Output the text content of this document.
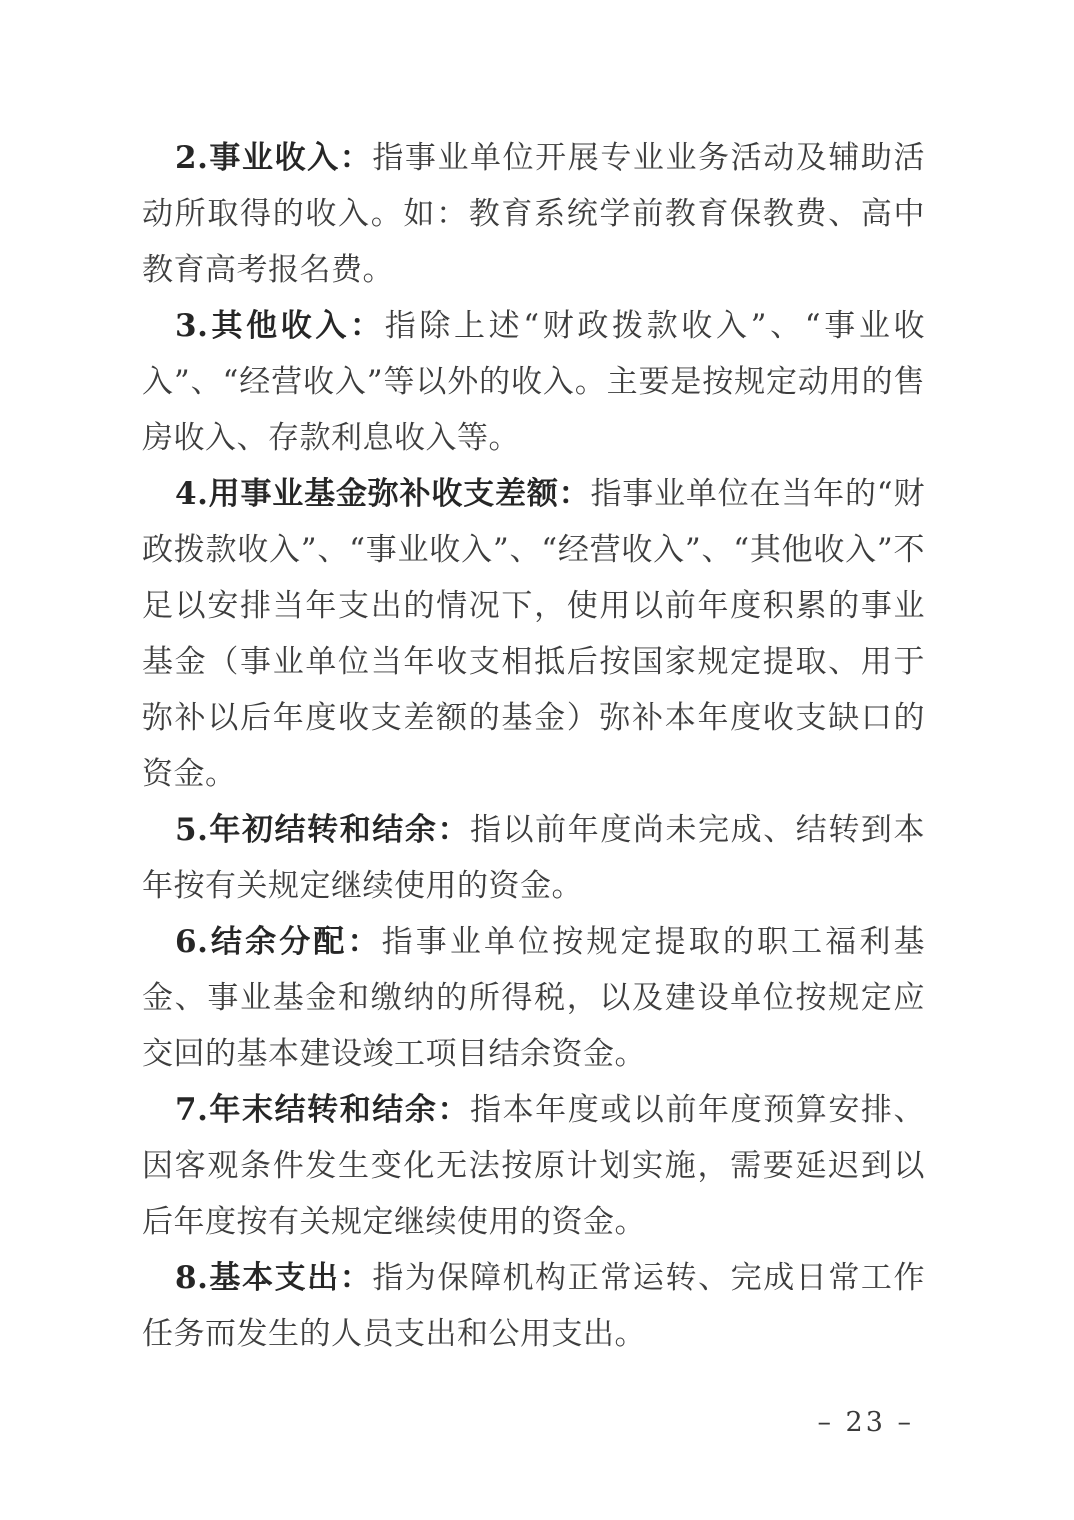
2.事业收入：指事业单位开展专业业务活动及辅助活动所取得的收入。如：教育系统学前教育保教费、高中教育高考报名费。

3.其他收入：指除上述“财政拨款收入”、“事业收入”、“经营收入”等以外的收入。主要是按规定动用的售房收入、存款利息收入等。

4.用事业基金弥补收支差额：指事业单位在当年的“财政拨款收入”、“事业收入”、“经营收入”、“其他收入”不足以安排当年支出的情况下，使用以前年度积累的事业基金（事业单位当年收支相抵后按国家规定提取、用于弥补以后年度收支差额的基金）弥补本年度收支缺口的资金。

5.年初结转和结余：指以前年度尚未完成、结转到本年按有关规定继续使用的资金。

6.结余分配：指事业单位按规定提取的职工福利基金、事业基金和缴纳的所得税，以及建设单位按规定应交回的基本建设竣工项目结余资金。

7.年末结转和结余：指本年度或以前年度预算安排、因客观条件发生变化无法按原计划实施，需要延迟到以后年度按有关规定继续使用的资金。

8.基本支出：指为保障机构正常运转、完成日常工作任务而发生的人员支出和公用支出。

– 23 –
